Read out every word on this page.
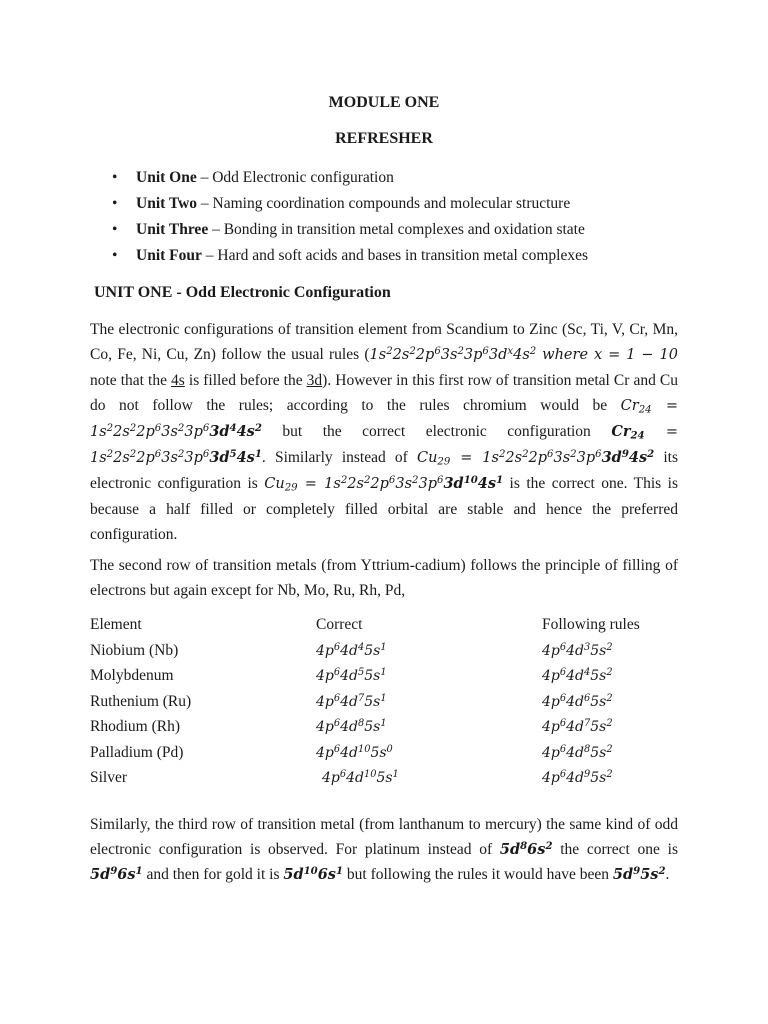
MODULE ONE
REFRESHER
• Unit One – Odd Electronic configuration
• Unit Two – Naming coordination compounds and molecular structure
• Unit Three – Bonding in transition metal complexes and oxidation state
• Unit Four – Hard and soft acids and bases in transition metal complexes
UNIT ONE - Odd Electronic Configuration

The electronic configurations of transition element from Scandium to Zinc (Sc, Ti, V, Cr, Mn, Co, Fe, Ni, Cu, Zn) follow the usual rules ($1s^22s^22p^63s^23p^63d^x4s^2$ where x = 1 − 10 note that the 4s is filled before the 3d). However in this first row of transition metal Cr and Cu do not follow the rules; according to the rules chromium would be $Cr_{24} = 1s^22s^22p^63s^23p^63d^44s^2$ but the correct electronic configuration $Cr_{24} = 1s^22s^22p^63s^23p^63d^54s^1$. Similarly instead of $Cu_{29} = 1s^22s^22p^63s^23p^63d^94s^2$ its electronic configuration is $Cu_{29} = 1s^22s^22p^63s^23p^63d^{10}4s^1$ is the correct one. This is because a half filled or completely filled orbital are stable and hence the preferred configuration.

The second row of transition metals (from Yttrium-cadium) follows the principle of filling of electrons but again except for Nb, Mo, Ru, Rh, Pd,

Element	Correct	Following rules
Niobium (Nb)	$4p^64d^45s^1$	$4p^64d^35s^2$
Molybdenum	$4p^64d^55s^1$	$4p^64d^45s^2$
Ruthenium (Ru)	$4p^64d^75s^1$	$4p^64d^65s^2$
Rhodium (Rh)	$4p^64d^85s^1$	$4p^64d^75s^2$
Palladium (Pd)	$4p^64d^{10}5s^0$	$4p^64d^85s^2$
Silver	$4p^64d^{10}5s^1$	$4p^64d^95s^2$

Similarly, the third row of transition metal (from lanthanum to mercury) the same kind of odd electronic configuration is observed. For platinum instead of $5d^86s^2$ the correct one is $5d^96s^1$ and then for gold it is $5d^{10}6s^1$ but following the rules it would have been $5d^95s^2$.
